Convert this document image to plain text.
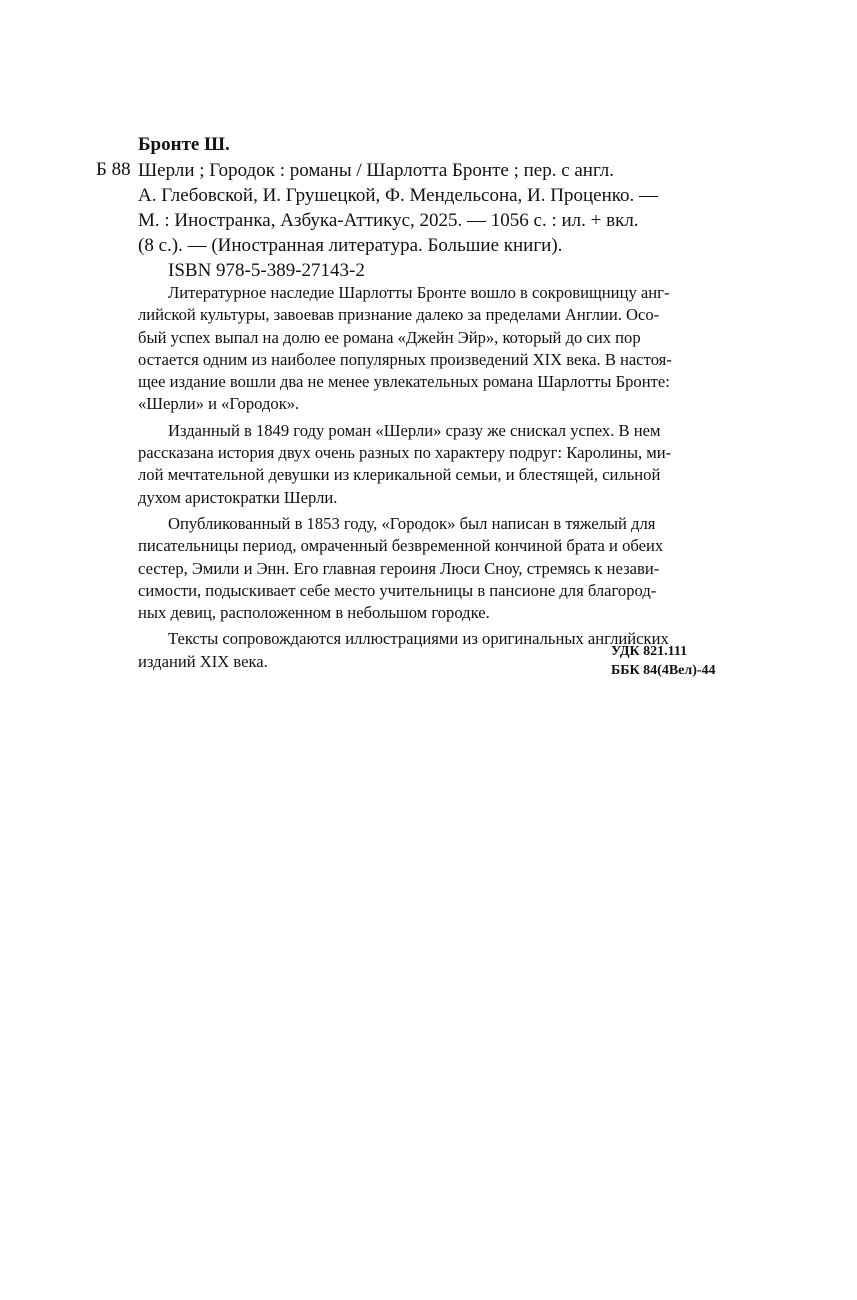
Бронте Ш.
Б 88 Шерли ; Городок : романы / Шарлотта Бронте ; пер. с англ.
А. Глебовской, И. Грушецкой, Ф. Мендельсона, И. Проценко. —
М. : Иностранка, Азбука-Аттикус, 2025. — 1056 с. : ил. + вкл.
(8 с.). — (Иностранная литература. Большие книги).
ISBN 978-5-389-27143-2
Литературное наследие Шарлотты Бронте вошло в сокровищницу анг-
лийской культуры, завоевав признание далеко за пределами Англии. Осо-
бый успех выпал на долю ее романа «Джейн Эйр», который до сих пор
остается одним из наиболее популярных произведений XIX века. В настоя-
щее издание вошли два не менее увлекательных романа Шарлотты Бронте:
«Шерли» и «Городок».
Изданный в 1849 году роман «Шерли» сразу же снискал успех. В нем
рассказана история двух очень разных по характеру подруг: Каролины, ми-
лой мечтательной девушки из клерикальной семьи, и блестящей, сильной
духом аристократки Шерли.
Опубликованный в 1853 году, «Городок» был написан в тяжелый для
писательницы период, омраченный безвременной кончиной брата и обеих
сестер, Эмили и Энн. Его главная героиня Люси Сноу, стремясь к незави-
симости, подыскивает себе место учительницы в пансионе для благород-
ных девиц, расположенном в небольшом городке.
Тексты сопровождаются иллюстрациями из оригинальных английских
изданий XIX века.
УДК 821.111
ББК 84(4Вел)-44
